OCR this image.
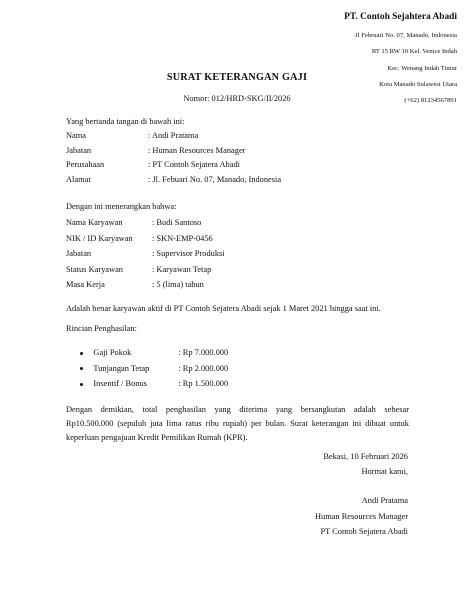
PT. Contoh Sejahtera Abadi
Jl Februari No. 07, Manado, Indonesia
RT 15 RW 10 Kel. Venice Indah
Kec. Wenang Indah Timur
Kota Manado Sulawesi Utara
(+62) 81234567891
SURAT KETERANGAN GAJI
Nomor: 012/HRD-SKG/II/2026
Yang bertanda tangan di bawah ini:
Nama	: Andi Pratama
Jabatan	: Human Resources Manager
Perusahaan	: PT Contoh Sejatera Abadi
Alamat	: Jl. Febuari No. 07, Manado, Indonesia
Dengan ini menerangkan bahwa:
Nama Karyawan	: Budi Santoso
NIK / ID Karyawan	: SKN-EMP-0456
Jabatan	: Supervisor Produksi
Status Karyawan	: Karyawan Tetap
Masa Kerja	: 5 (lima) tahun
Adalah benar karyawan aktif di PT Contoh Sejatera Abadi sejak 1 Maret 2021 hingga saat ini.
Rincian Penghasilan:
Gaji Pokok	: Rp 7.000.000
Tunjangan Tetap	: Rp 2.000.000
Insentif / Bonus	: Rp 1.500.000
Dengan demikian, total penghasilan yang diterima yang bersangkutan adalah sebesar
Rp10.500.000 (sepuluh juta lima ratus ribu rupiah) per bulan. Surat keterangan ini dibuat untuk
keperluan pengajuan Kredit Pemilikan Rumah (KPR).
Bekasi, 10 Februari 2026
Hormat kami,
Andi Pratama
Human Resources Manager
PT Contoh Sejatera Abadi
